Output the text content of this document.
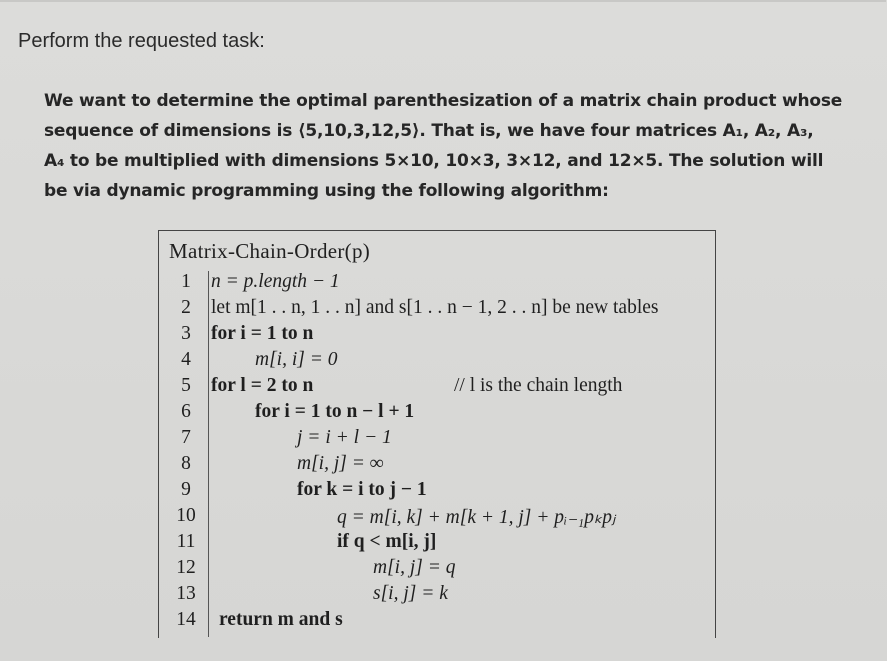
Perform the requested task:

We want to determine the optimal parenthesization of a matrix chain product whose

sequence of dimensions is ⟨5,10,3,12,5⟩. That is, we have four matrices A₁, A₂, A₃,

A₄ to be multiplied with dimensions 5×10, 10×3, 3×12, and 12×5. The solution will

be via dynamic programming using the following algorithm:

Matrix-Chain-Order(p)
1	n = p.length − 1
2	let m[1 . . n, 1 . . n] and s[1 . . n − 1, 2 . . n] be new tables
3	for i = 1 to n
4	m[i, i] = 0
5	for l = 2 to n	// l is the chain length
6	for i = 1 to n − l + 1
7	j = i + l − 1
8	m[i, j] = ∞
9	for k = i to j − 1
10	q = m[i, k] + m[k + 1, j] + pᵢ₋₁pₖpⱼ
11	if q < m[i, j]
12	m[i, j] = q
13	s[i, j] = k
14 return m and s
